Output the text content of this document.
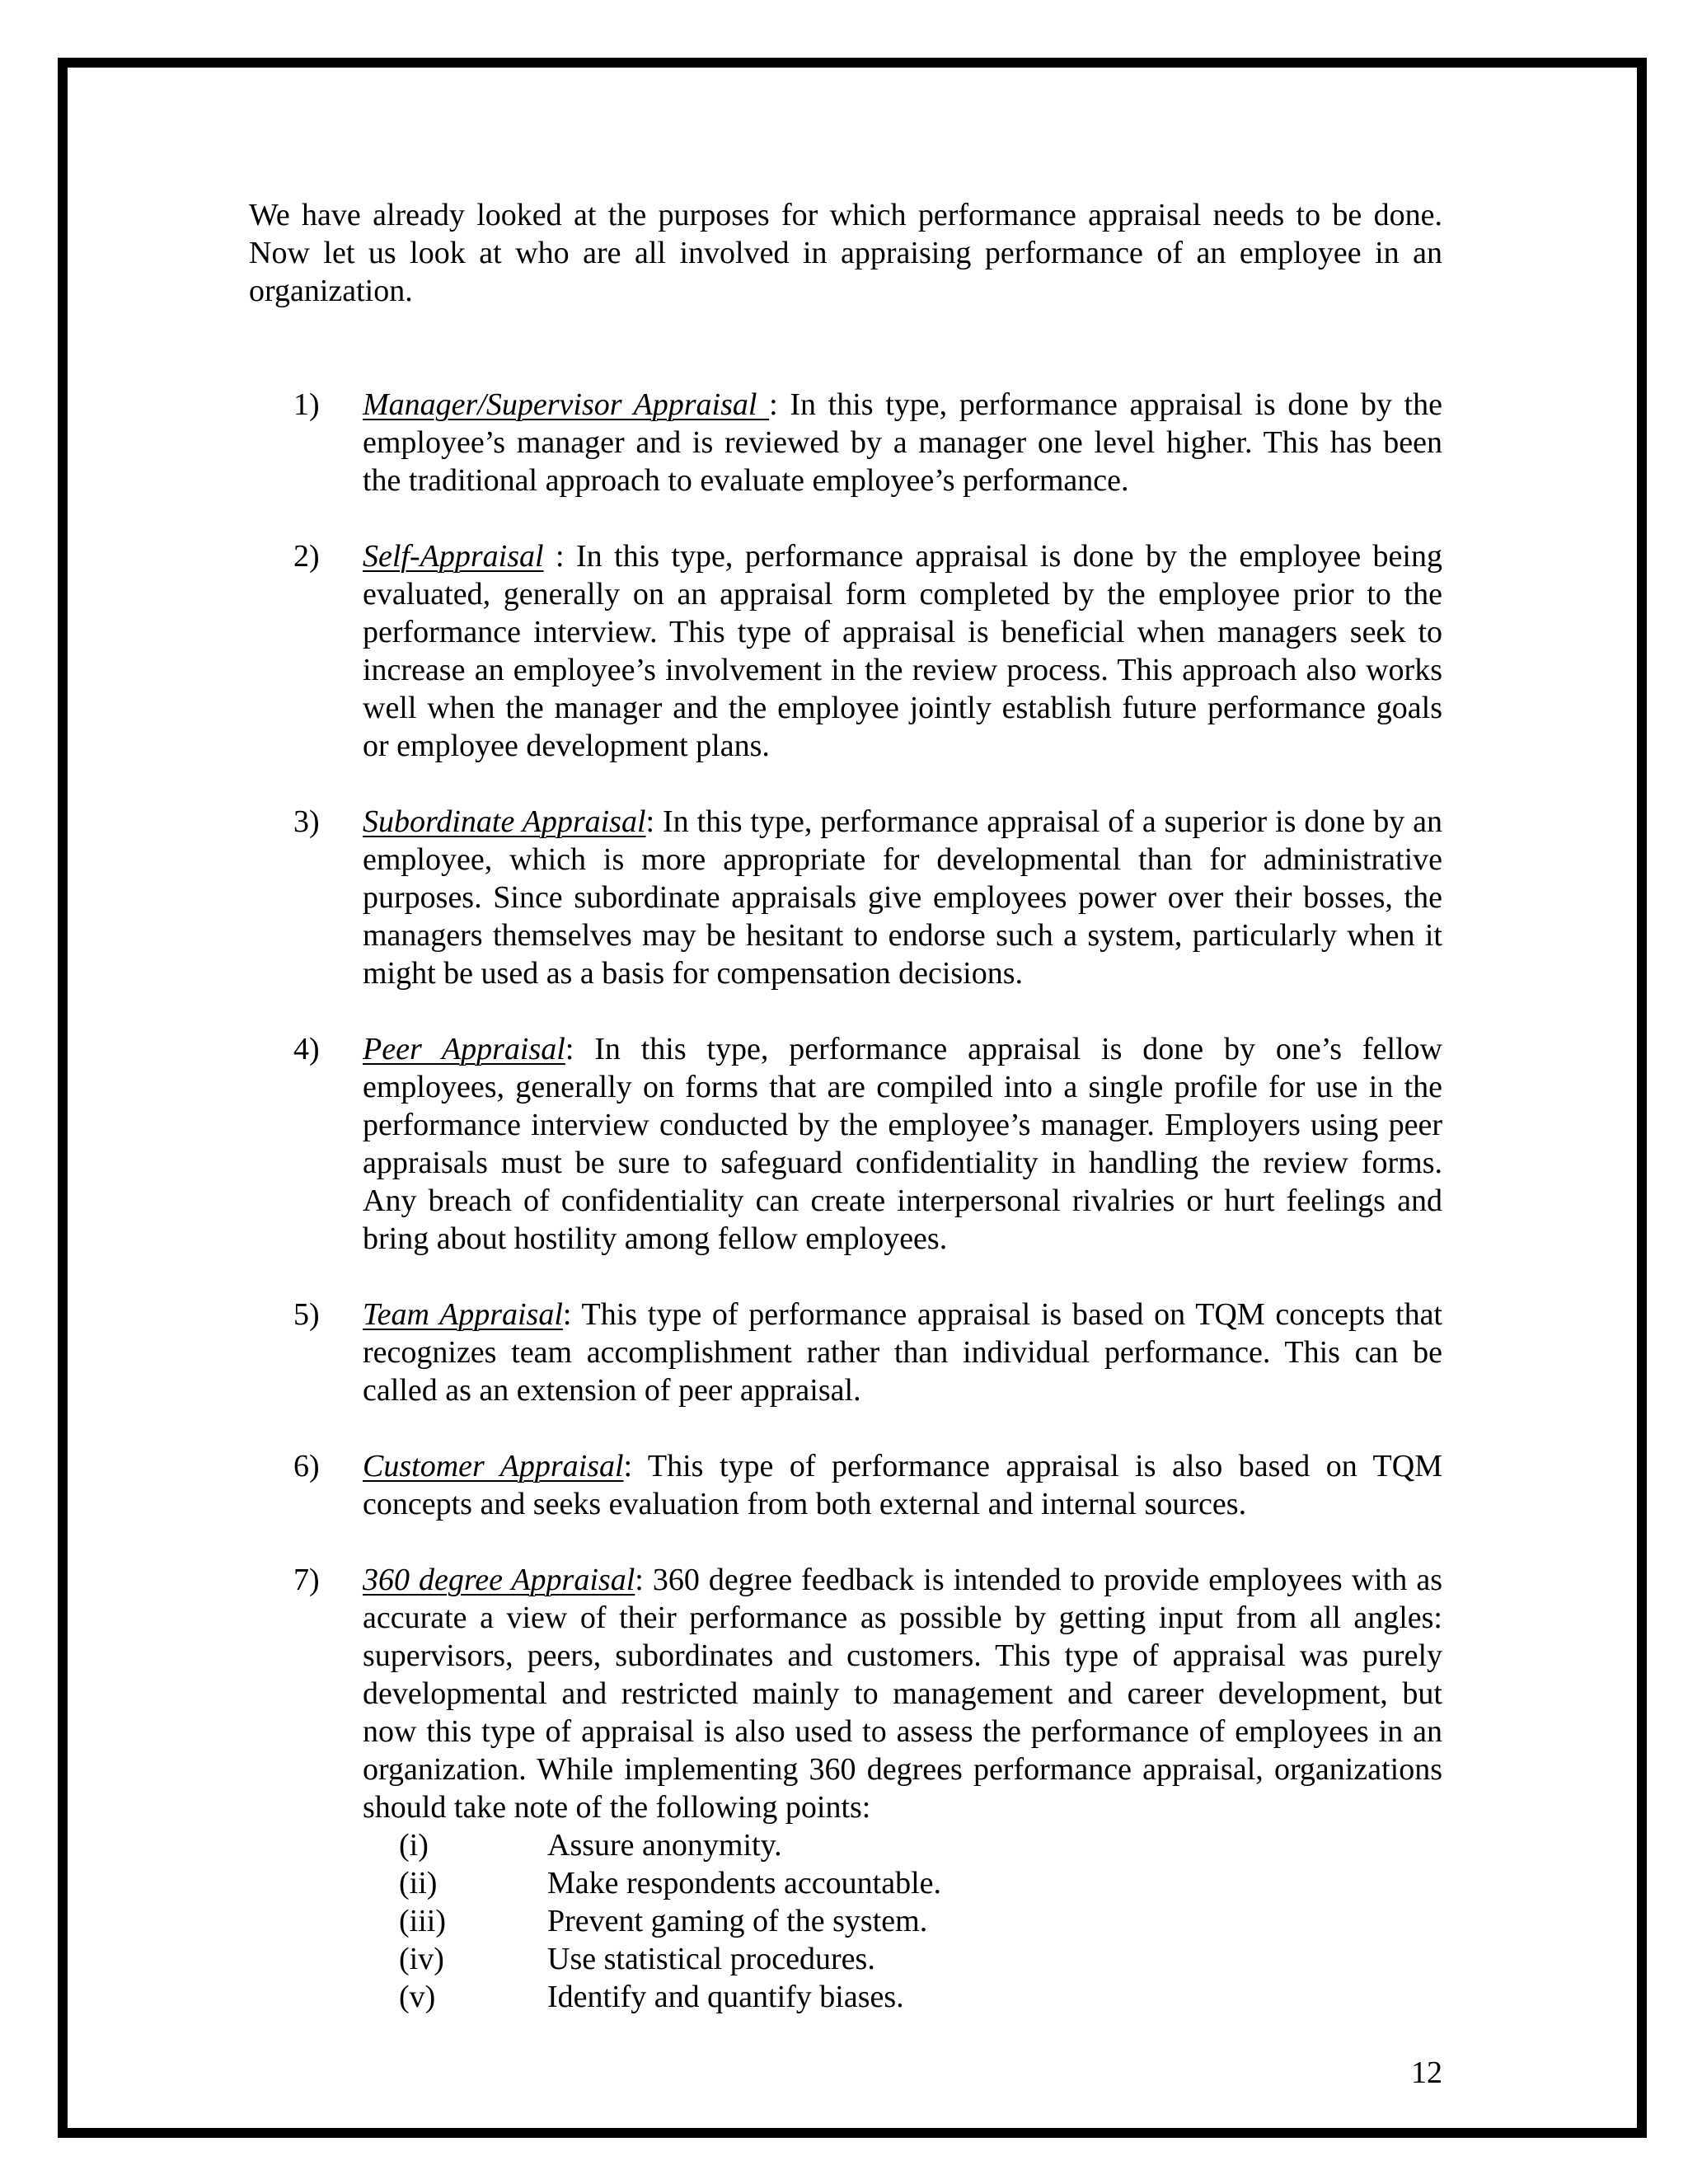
We have already looked at the purposes for which performance appraisal needs to be done. Now let us look at who are all involved in appraising performance of an employee in an organization.

1) Manager/Supervisor Appraisal : In this type, performance appraisal is done by the employee’s manager and is reviewed by a manager one level higher. This has been the traditional approach to evaluate employee’s performance.
2) Self-Appraisal : In this type, performance appraisal is done by the employee being evaluated, generally on an appraisal form completed by the employee prior to the performance interview. This type of appraisal is beneficial when managers seek to increase an employee’s involvement in the review process. This approach also works well when the manager and the employee jointly establish future performance goals or employee development plans.
3) Subordinate Appraisal: In this type, performance appraisal of a superior is done by an employee, which is more appropriate for developmental than for administrative purposes. Since subordinate appraisals give employees power over their bosses, the managers themselves may be hesitant to endorse such a system, particularly when it might be used as a basis for compensation decisions.
4) Peer Appraisal: In this type, performance appraisal is done by one’s fellow employees, generally on forms that are compiled into a single profile for use in the performance interview conducted by the employee’s manager. Employers using peer appraisals must be sure to safeguard confidentiality in handling the review forms. Any breach of confidentiality can create interpersonal rivalries or hurt feelings and bring about hostility among fellow employees.
5) Team Appraisal: This type of performance appraisal is based on TQM concepts that recognizes team accomplishment rather than individual performance. This can be called as an extension of peer appraisal.
6) Customer Appraisal: This type of performance appraisal is also based on TQM concepts and seeks evaluation from both external and internal sources.
7) 360 degree Appraisal: 360 degree feedback is intended to provide employees with as accurate a view of their performance as possible by getting input from all angles: supervisors, peers, subordinates and customers. This type of appraisal was purely developmental and restricted mainly to management and career development, but now this type of appraisal is also used to assess the performance of employees in an organization. While implementing 360 degrees performance appraisal, organizations should take note of the following points:
(i)	Assure anonymity.
(ii)	Make respondents accountable.
(iii)	Prevent gaming of the system.
(iv)	Use statistical procedures.
(v)	Identify and quantify biases.
12
